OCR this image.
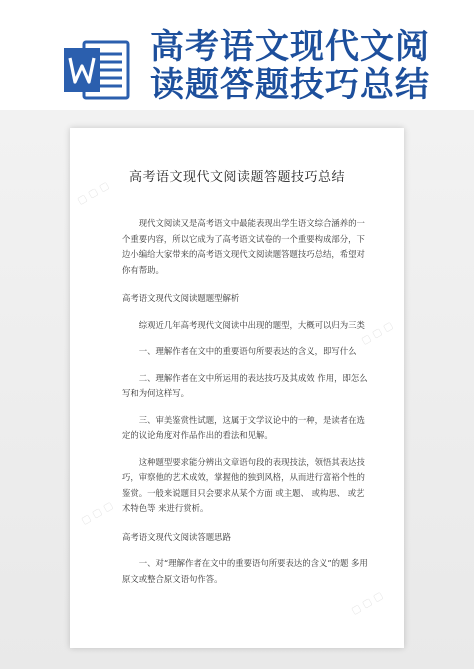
高考语文现代文阅
读题答题技巧总结
▢ ▢ ▢
▢ ▢ ▢
▢ ▢ ▢
▢ ▢ ▢
高考语文现代文阅读题答题技巧总结

现代文阅读又是高考语文中最能表现出学生语文综合涵养的一个重要内容，所以它成为了高考语文试卷的一个重要构成部分，下边小编给大家带来的高考语文现代文阅读题答题技巧总结，希望对你有帮助。

高考语文现代文阅读题题型解析

综观近几年高考现代文阅读中出现的题型，大概可以归为三类

一、理解作者在文中的重要语句所要表达的含义，即写什么

二、理解作者在文中所运用的表达技巧及其成效 作用，即怎么写和为何这样写。

三、审美鉴赏性试题，这属于文学议论中的一种，是读者在选定的议论角度对作品作出的看法和见解。

这种题型要求能分辨出文章语句段的表现技法，领悟其表达技巧，审察他的艺术成效，掌握他的独到风格，从而进行富裕个性的鉴赏。一般来说题目只会要求从某个方面 或主题、 或构思、 或艺术特色等 来进行赏析。

高考语文现代文阅读答题思路

一、对“理解作者在文中的重要语句所要表达的含义”的题 多用原文或整合原文语句作答。
